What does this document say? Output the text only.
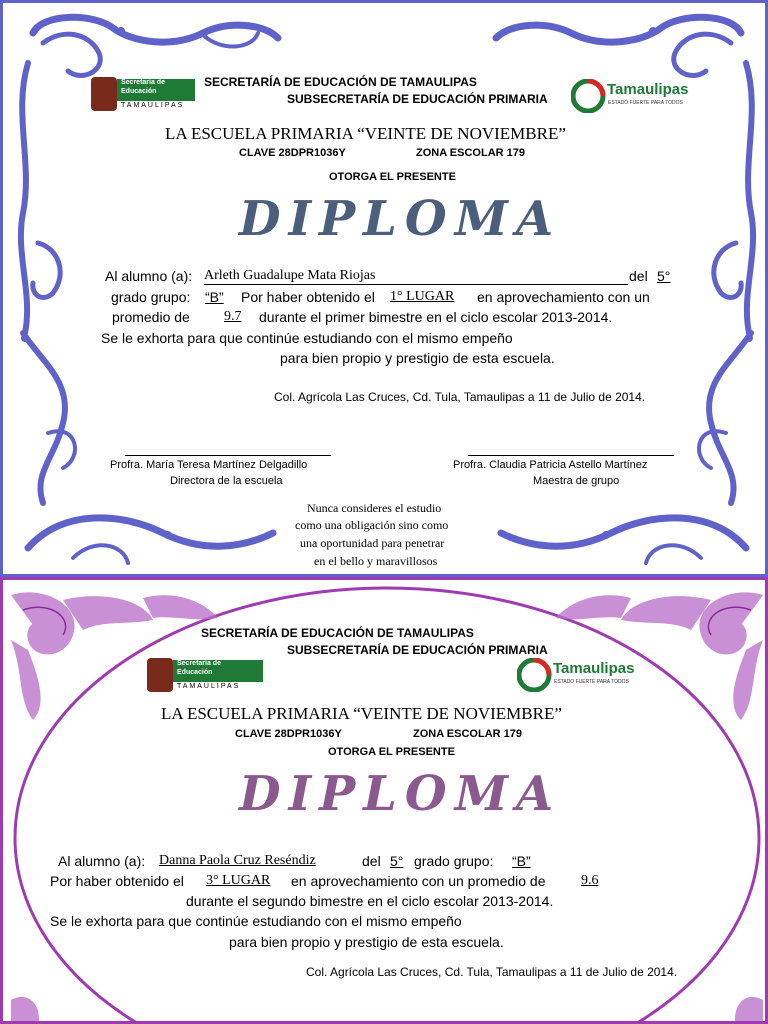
Secretaría de
Educación
TAMAULIPAS
SECRETARÍA DE EDUCACIÓN DE TAMAULIPAS
SUBSECRETARÍA DE EDUCACIÓN PRIMARIA
Tamaulipas
ESTADO FUERTE PARA TODOS
LA ESCUELA PRIMARIA “VEINTE DE NOVIEMBRE”
CLAVE 28DPR1036Y	ZONA ESCOLAR 179
OTORGA EL PRESENTE
DIPLOMA
Al alumno (a): Arleth Guadalupe Mata Riojas	del 5°
grado grupo: “B” Por haber obtenido el 1° LUGAR en aprovechamiento con un
promedio de 9.7	durante el primer bimestre en el ciclo escolar 2013-2014.
Se le exhorta para que continúe estudiando con el mismo empeño
para bien propio y prestigio de esta escuela.
Col. Agrícola Las Cruces, Cd. Tula, Tamaulipas a 11 de Julio de 2014.
Profra. María Teresa Martínez Delgadillo
Directora de la escuela
Profra. Claudia Patricia Astello Martínez
Maestra de grupo
Nunca consideres el estudio
como una obligación sino como
una oportunidad para penetrar
en el bello y maravillosos
SECRETARÍA DE EDUCACIÓN DE TAMAULIPAS
SUBSECRETARÍA DE EDUCACIÓN PRIMARIA
Secretaría de
Educación
TAMAULIPAS
Tamaulipas
ESTADO FUERTE PARA TODOS
LA ESCUELA PRIMARIA “VEINTE DE NOVIEMBRE”
CLAVE 28DPR1036Y	ZONA ESCOLAR 179
OTORGA EL PRESENTE
DIPLOMA
Al alumno (a): Danna Paola Cruz Reséndiz	del 5° grado grupo: “B”
Por haber obtenido el 3° LUGAR en aprovechamiento con un promedio de	9.6
durante el segundo bimestre en el ciclo escolar 2013-2014.
Se le exhorta para que continúe estudiando con el mismo empeño
para bien propio y prestigio de esta escuela.
Col. Agrícola Las Cruces, Cd. Tula, Tamaulipas a 11 de Julio de 2014.
